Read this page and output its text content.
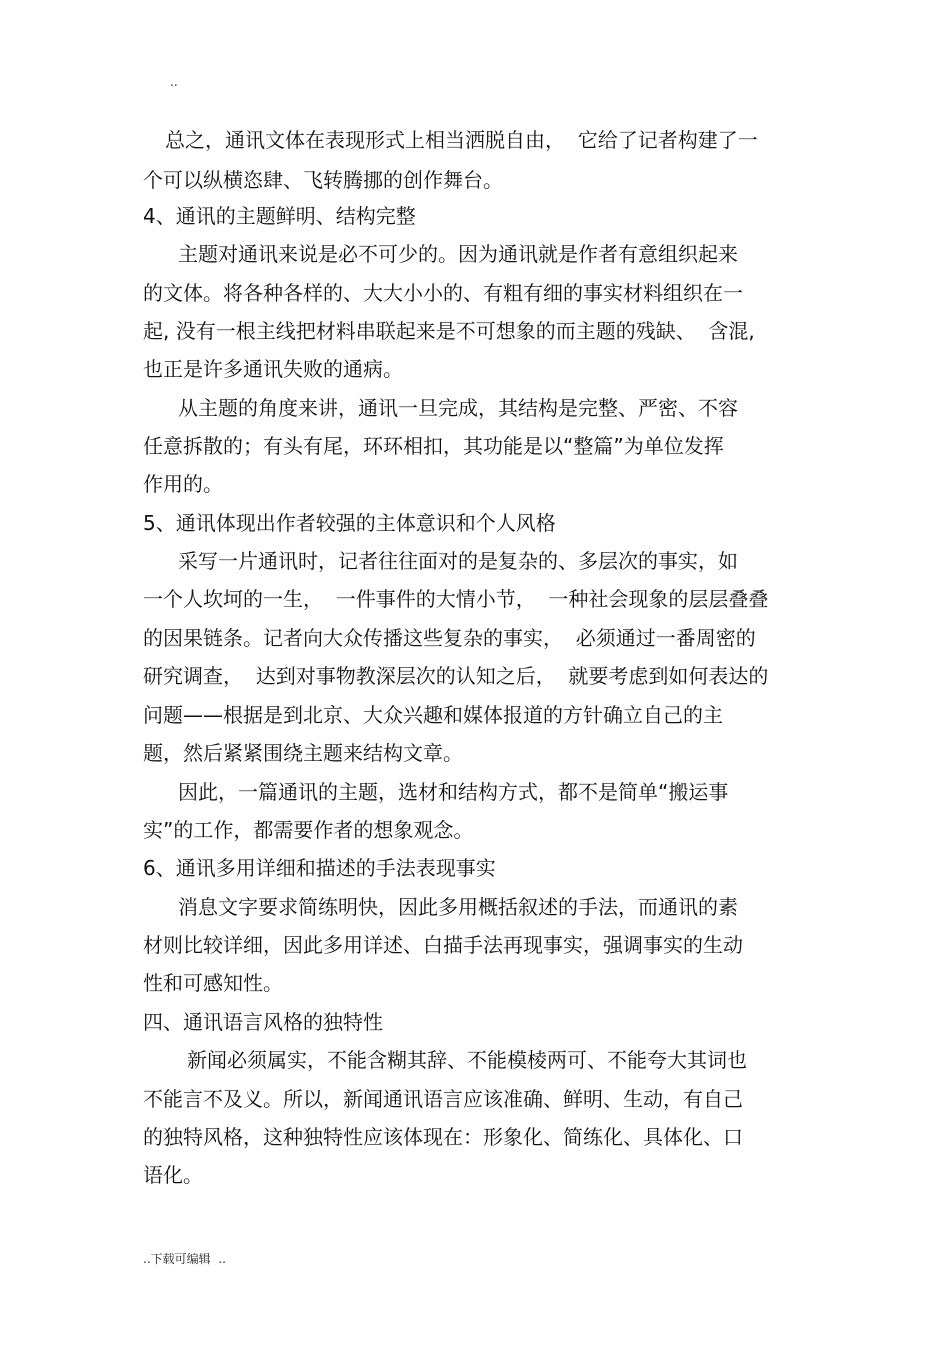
..
总之，通讯文体在表现形式上相当洒脱自由，  它给了记者构建了一
个可以纵横恣肆、飞转腾挪的创作舞台。
4、通讯的主题鲜明、结构完整
主题对通讯来说是必不可少的。因为通讯就是作者有意组织起来
的文体。将各种各样的、大大小小的、有粗有细的事实材料组织在一
起, 没有一根主线把材料串联起来是不可想象的而主题的残缺、  含混,
也正是许多通讯失败的通病。
从主题的角度来讲，通讯一旦完成，其结构是完整、严密、不容
任意拆散的；有头有尾，环环相扣，其功能是以“整篇”为单位发挥
作用的。
5、通讯体现出作者较强的主体意识和个人风格
采写一片通讯时，记者往往面对的是复杂的、多层次的事实，如
一个人坎坷的一生，  一件事件的大情小节，  一种社会现象的层层叠叠
的因果链条。记者向大众传播这些复杂的事实，  必须通过一番周密的
研究调查，  达到对事物教深层次的认知之后，  就要考虑到如何表达的
问题——根据是到北京、大众兴趣和媒体报道的方针确立自己的主
题，然后紧紧围绕主题来结构文章。
因此，一篇通讯的主题，选材和结构方式，都不是简单“搬运事
实”的工作，都需要作者的想象观念。
6、通讯多用详细和描述的手法表现事实
消息文字要求简练明快，因此多用概括叙述的手法，而通讯的素
材则比较详细，因此多用详述、白描手法再现事实，强调事实的生动
性和可感知性。
四、通讯语言风格的独特性
新闻必须属实，不能含糊其辞、不能模棱两可、不能夸大其词也
不能言不及义。所以，新闻通讯语言应该准确、鲜明、生动，有自己
的独特风格，这种独特性应该体现在：形象化、简练化、具体化、口
语化。
..下载可编辑  ..
